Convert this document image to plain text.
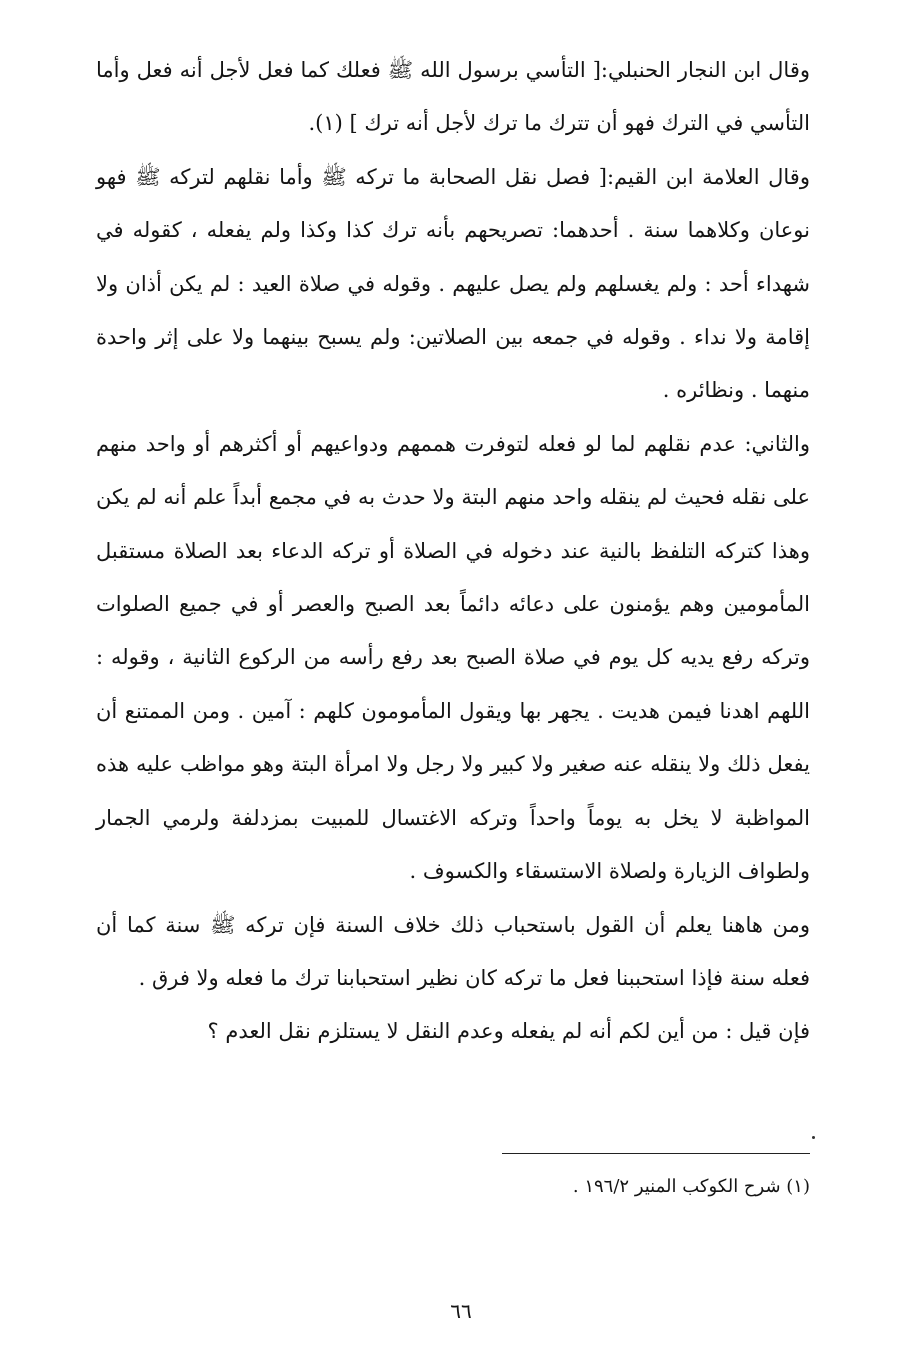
وقال ابن النجار الحنبلي:[ التأسي برسول الله ﷺ فعلك كما فعل لأجل أنه فعل وأما التأسي في الترك فهو أن تترك ما ترك لأجل أنه ترك ] (١).

وقال العلامة ابن القيم:[ فصل نقل الصحابة ما تركه ﷺ وأما نقلهم لتركه ﷺ فهو نوعان وكلاهما سنة . أحدهما: تصريحهم بأنه ترك كذا وكذا ولم يفعله ، كقوله في شهداء أحد : ولم يغسلهم ولم يصل عليهم . وقوله في صلاة العيد : لم يكن أذان ولا إقامة ولا نداء . وقوله في جمعه بين الصلاتين: ولم يسبح بينهما ولا على إثر واحدة منهما . ونظائره .

والثاني: عدم نقلهم لما لو فعله لتوفرت هممهم ودواعيهم أو أكثرهم أو واحد منهم على نقله فحيث لم ينقله واحد منهم البتة ولا حدث به في مجمع أبداً علم أنه لم يكن وهذا كتركه التلفظ بالنية عند دخوله في الصلاة أو تركه الدعاء بعد الصلاة مستقبل المأمومين وهم يؤمنون على دعائه دائماً بعد الصبح والعصر أو في جميع الصلوات وتركه رفع يديه كل يوم في صلاة الصبح بعد رفع رأسه من الركوع الثانية ، وقوله : اللهم اهدنا فيمن هديت . يجهر بها ويقول المأمومون كلهم : آمين . ومن الممتنع أن يفعل ذلك ولا ينقله عنه صغير ولا كبير ولا رجل ولا امرأة البتة وهو مواظب عليه هذه المواظبة لا يخل به يوماً واحداً وتركه الاغتسال للمبيت بمزدلفة ولرمي الجمار ولطواف الزيارة ولصلاة الاستسقاء والكسوف .

ومن هاهنا يعلم أن القول باستحباب ذلك خلاف السنة فإن تركه ﷺ سنة كما أن فعله سنة فإذا استحببنا فعل ما تركه كان نظير استحبابنا ترك ما فعله ولا فرق .

فإن قيل : من أين لكم أنه لم يفعله وعدم النقل لا يستلزم نقل العدم ؟

(١) شرح الكوكب المنير ١٩٦/٢ .
٦٦
